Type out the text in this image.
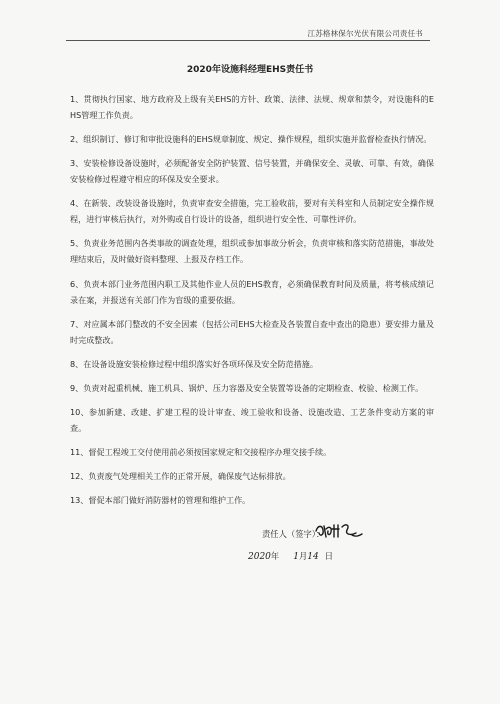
江苏格林保尔光伏有限公司责任书
2020年设施科经理EHS责任书

1、贯彻执行国家、地方政府及上级有关EHS的方针、政策、法律、法规、规章和禁令，对设施科的EHS管理工作负责。

2、组织制订、修订和审批设施科的EHS规章制度、规定、操作规程，组织实施并监督检查执行情况。

3、安装检修设备设施时，必须配备安全防护装置、信号装置，并确保安全、灵敏、可靠、有效，确保安装检修过程遵守相应的环保及安全要求。

4、在新装、改装设备设施时，负责审查安全措施，完工验收前，要对有关科室和人员制定安全操作规程，进行审核后执行，对外购或自行设计的设备，组织进行安全性、可靠性评价。

5、负责业务范围内各类事故的调查处理，组织或参加事故分析会，负责审核和落实防范措施，事故处理结束后，及时做好资料整理、上报及存档工作。

6、负责本部门业务范围内职工及其他作业人员的EHS教育，必须确保教育时间及质量，将考核成绩记录在案，并报送有关部门作为盲级的重要依据。

7、对应属本部门整改的不安全因素（包括公司EHS大检查及各装置自查中查出的隐患）要安排力量及时完成整改。

8、在设备设施安装检修过程中组织落实好各项环保及安全防范措施。

9、负责对起重机械、施工机具、锅炉、压力容器及安全装置等设备的定期检查、校验、检测工作。

10、参加新建、改建、扩建工程的设计审查、竣工验收和设备、设施改造、工艺条件变动方案的审查。

11、督促工程竣工交付使用前必须按国家规定和交接程序办理交接手续。

12、负责废气处理相关工作的正常开展，确保废气达标排放。

13、督促本部门做好消防器材的管理和维护工作。

责任人（签字）：
2020年 1月14 日
